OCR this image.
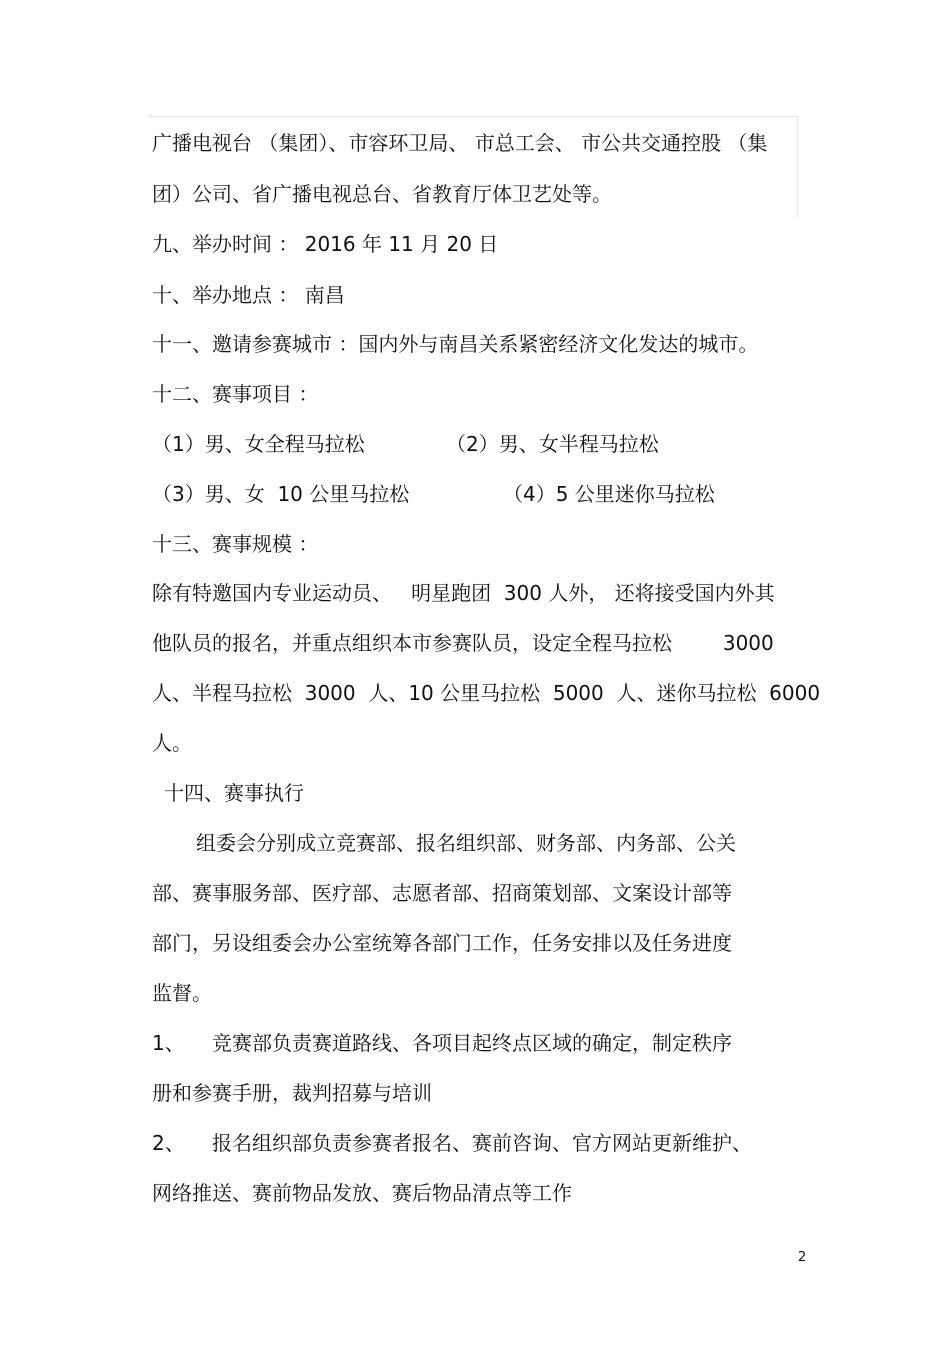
广播电视台 （集团）、市容环卫局、 市总工会、 市公共交通控股 （集

团）公司、省广播电视总台、省教育厅体卫艺处等。

九、举办时间 ： 2016 年 11 月 20 日

十、举办地点 ： 南昌

十一、邀请参赛城市 ：国内外与南昌关系紧密经济文化发达的城市。

十二、赛事项目 ：

（1）男、女全程马拉松	（2）男、女半程马拉松
（3）男、女  10 公里马拉松	（4）5 公里迷你马拉松

十三、赛事规模 ：

除有特邀国内专业运动员、   明星跑团  300 人外， 还将接受国内外其

他队员的报名，并重点组织本市参赛队员，设定全程马拉松        3000

人、半程马拉松  3000  人、10 公里马拉松  5000  人、迷你马拉松  6000

人。

十四、赛事执行

组委会分别成立竞赛部、报名组织部、财务部、内务部、公关

部、赛事服务部、医疗部、志愿者部、招商策划部、文案设计部等

部门，另设组委会办公室统筹各部门工作，任务安排以及任务进度

监督。

1、 竞赛部负责赛道路线、各项目起终点区域的确定，制定秩序

册和参赛手册，裁判招募与培训

2、 报名组织部负责参赛者报名、赛前咨询、官方网站更新维护、

网络推送、赛前物品发放、赛后物品清点等工作

2
